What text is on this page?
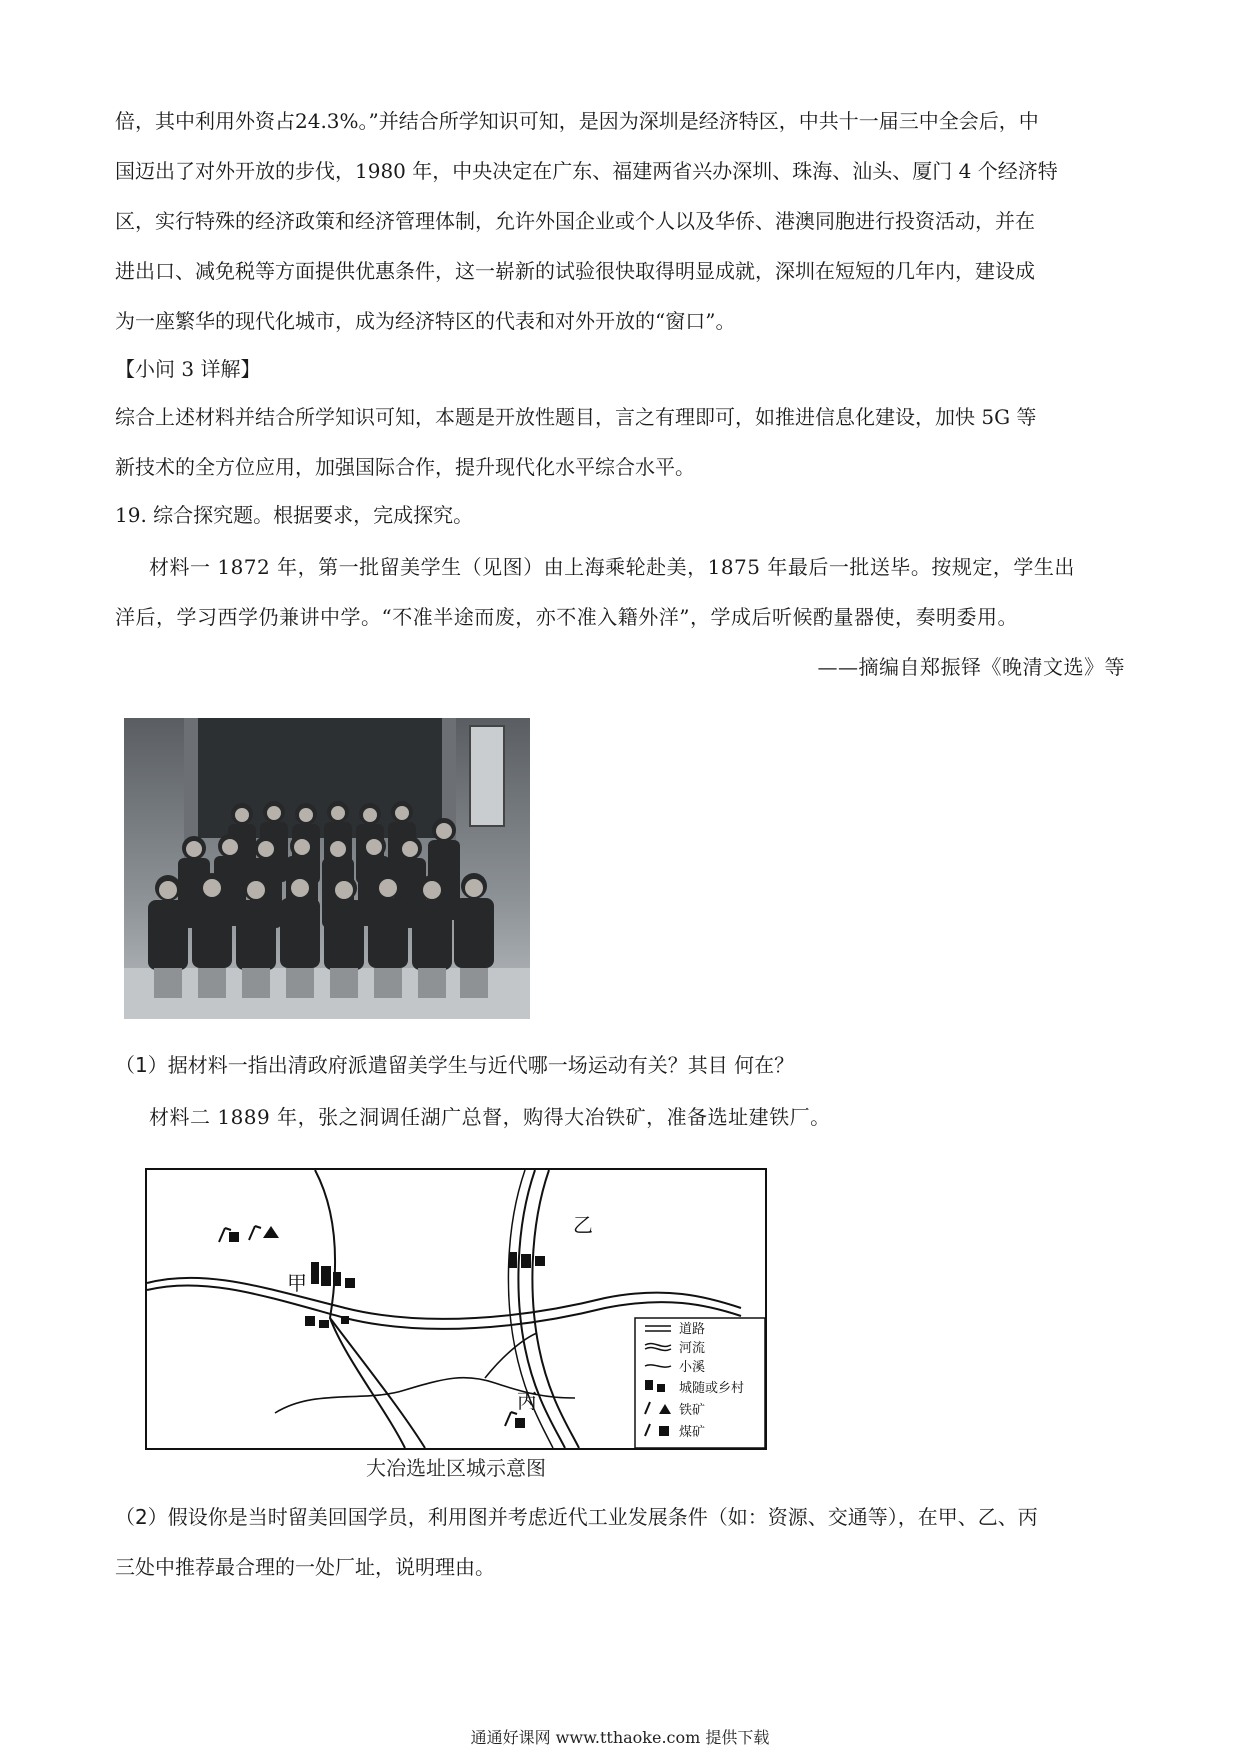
倍，其中利用外资占24.3%。”并结合所学知识可知，是因为深圳是经济特区，中共十一届三中全会后，中
国迈出了对外开放的步伐，1980 年，中央决定在广东、福建两省兴办深圳、珠海、汕头、厦门 4 个经济特
区，实行特殊的经济政策和经济管理体制，允许外国企业或个人以及华侨、港澳同胞进行投资活动，并在
进出口、减免税等方面提供优惠条件，这一崭新的试验很快取得明显成就，深圳在短短的几年内，建设成
为一座繁华的现代化城市，成为经济特区的代表和对外开放的“窗口”。

【小问 3 详解】

综合上述材料并结合所学知识可知，本题是开放性题目，言之有理即可，如推进信息化建设，加快 5G 等
新技术的全方位应用，加强国际合作，提升现代化水平综合水平。

19. 综合探究题。根据要求，完成探究。

材料一 1872 年，第一批留美学生（见图）由上海乘轮赴美，1875 年最后一批送毕。按规定，学生出
洋后，学习西学仍兼讲中学。“不准半途而废，亦不准入籍外洋”，学成后听候酌量器使，奏明委用。
——摘编自郑振铎《晚清文选》等

（1）据材料一指出清政府派遣留美学生与近代哪一场运动有关？其目 何在？

材料二 1889 年，张之洞调任湖广总督，购得大冶铁矿，准备选址建铁厂。

甲
乙
丙
道路
河流
小溪
城随或乡村
铁矿
煤矿
大冶选址区城示意图

（2）假设你是当时留美回国学员，利用图并考虑近代工业发展条件（如：资源、交通等），在甲、乙、丙
三处中推荐最合理的一处厂址，说明理由。

通通好课网 www.tthaoke.com 提供下载
